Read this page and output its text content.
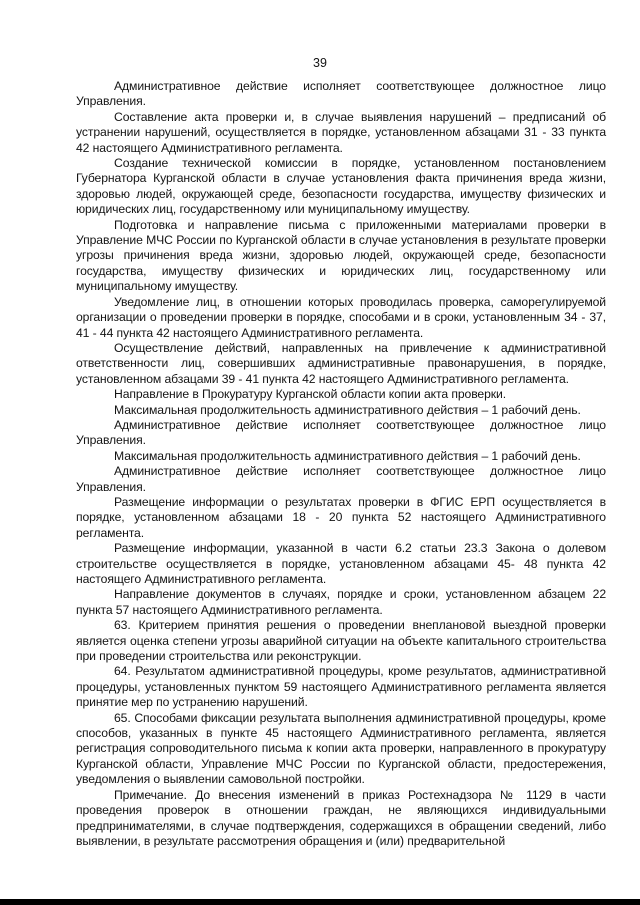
39

Административное действие исполняет соответствующее должностное лицо Управления.

Составление акта проверки и, в случае выявления нарушений – предписаний об устранении нарушений, осуществляется в порядке, установленном абзацами 31 - 33 пункта 42 настоящего Административного регламента.

Создание технической комиссии в порядке, установленном постановлением Губернатора Курганской области в случае установления факта причинения вреда жизни, здоровью людей, окружающей среде, безопасности государства, имуществу физических и юридических лиц, государственному или муниципальному имуществу.

Подготовка и направление письма с приложенными материалами проверки в Управление МЧС России по Курганской области в случае установления в результате проверки угрозы причинения вреда жизни, здоровью людей, окружающей среде, безопасности государства, имуществу физических и юридических лиц, государственному или муниципальному имуществу.

Уведомление лиц, в отношении которых проводилась проверка, саморегулируемой организации о проведении проверки в порядке, способами и в сроки, установленным 34 - 37, 41 - 44 пункта 42 настоящего Административного регламента.

Осуществление действий, направленных на привлечение к административной ответственности лиц, совершивших административные правонарушения, в порядке, установленном абзацами 39 - 41 пункта 42 настоящего Административного регламента.

Направление в Прокуратуру Курганской области копии акта проверки.

Максимальная продолжительность административного действия – 1 рабочий день.

Административное действие исполняет соответствующее должностное лицо Управления.

Максимальная продолжительность административного действия – 1 рабочий день.

Административное действие исполняет соответствующее должностное лицо Управления.

Размещение информации о результатах проверки в ФГИС ЕРП осуществляется в порядке, установленном абзацами 18 - 20 пункта 52 настоящего Административного регламента.

Размещение информации, указанной в части 6.2 статьи 23.3 Закона о долевом строительстве осуществляется в порядке, установленном абзацами 45- 48 пункта 42 настоящего Административного регламента.

Направление документов в случаях, порядке и сроки, установленном абзацем 22 пункта 57 настоящего Административного регламента.

63. Критерием принятия решения о проведении внеплановой выездной проверки является оценка степени угрозы аварийной ситуации на объекте капитального строительства при проведении строительства или реконструкции.

64. Результатом административной процедуры, кроме результатов, административной процедуры, установленных пунктом 59 настоящего Административного регламента является принятие мер по устранению нарушений.

65. Способами фиксации результата выполнения административной процедуры, кроме способов, указанных в пункте 45 настоящего Административного регламента, является регистрация сопроводительного письма к копии акта проверки, направленного в прокуратуру Курганской области, Управление МЧС России по Курганской области, предостережения, уведомления о выявлении самовольной постройки.

Примечание. До внесения изменений в приказ Ростехнадзора № 1129 в части проведения проверок в отношении граждан, не являющихся индивидуальными предпринимателями, в случае подтверждения, содержащихся в обращении сведений, либо выявлении, в результате рассмотрения обращения и (или) предварительной
